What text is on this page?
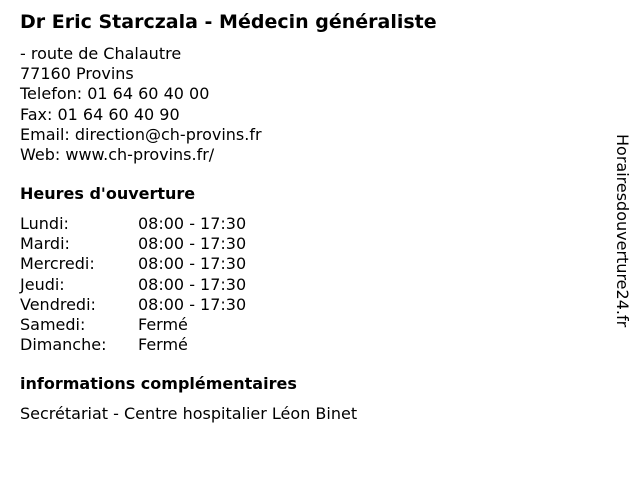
Dr Eric Starczala - Médecin généraliste
- route de Chalautre
77160 Provins
Telefon: 01 64 60 40 00
Fax: 01 64 60 40 90
Email: direction@ch-provins.fr
Web: www.ch-provins.fr/
Heures d'ouverture
Lundi:	08:00 - 17:30
Mardi:	08:00 - 17:30
Mercredi:	08:00 - 17:30
Jeudi:	08:00 - 17:30
Vendredi:	08:00 - 17:30
Samedi:	Fermé
Dimanche: Fermé
informations complémentaires
Secrétariat - Centre hospitalier Léon Binet
Horairesdouverture24.fr
